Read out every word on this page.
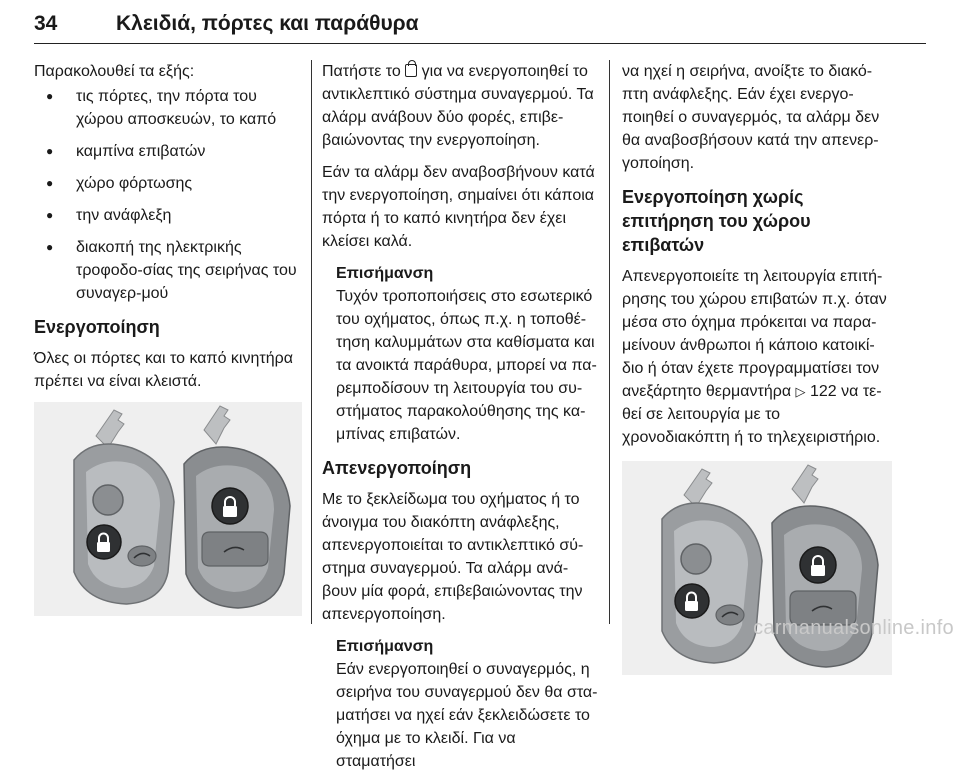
34	Κλειδιά, πόρτες και παράθυρα

Παρακολουθεί τα εξής:

● τις πόρτες, την πόρτα του χώρου αποσκευών, το καπό
● καμπίνα επιβατών
● χώρο φόρτωσης
● την ανάφλεξη
● διακοπή της ηλεκτρικής τροφοδο-σίας της σειρήνας του συναγερ-μού
Ενεργοποίηση

Όλες οι πόρτες και το καπό κινητήρα πρέπει να είναι κλειστά.

Πατήστε το  για να ενεργοποιηθεί το αντικλεπτικό σύστημα συναγερμού. Τα αλάρμ ανάβουν δύο φορές, επιβε-βαιώνοντας την ενεργοποίηση.

Εάν τα αλάρμ δεν αναβοσβήνουν κατά την ενεργοποίηση, σημαίνει ότι κάποια πόρτα ή το καπό κινητήρα δεν έχει κλείσει καλά.

Επισήμανση
Τυχόν τροποποιήσεις στο εσωτερικό του οχήματος, όπως π.χ. η τοποθέ-τηση καλυμμάτων στα καθίσματα και τα ανοικτά παράθυρα, μπορεί να πα-ρεμποδίσουν τη λειτουργία του συ-στήματος παρακολούθησης της κα-μπίνας επιβατών.
Απενεργοποίηση

Με το ξεκλείδωμα του οχήματος ή το άνοιγμα του διακόπτη ανάφλεξης, απενεργοποιείται το αντικλεπτικό σύ-στημα συναγερμού. Τα αλάρμ ανά-βουν μία φορά, επιβεβαιώνοντας την απενεργοποίηση.

Επισήμανση
Εάν ενεργοποιηθεί ο συναγερμός, η σειρήνα του συναγερμού δεν θα στα-ματήσει να ηχεί εάν ξεκλειδώσετε το όχημα με το κλειδί. Για να σταματήσει

να ηχεί η σειρήνα, ανοίξτε το διακό-πτη ανάφλεξης. Εάν έχει ενεργο-ποιηθεί ο συναγερμός, τα αλάρμ δεν θα αναβοσβήσουν κατά την απενερ-γοποίηση.

Ενεργοποίηση χωρίς επιτήρηση του χώρου επιβατών

Απενεργοποιείτε τη λειτουργία επιτή-ρησης του χώρου επιβατών π.χ. όταν μέσα στο όχημα πρόκειται να παρα-μείνουν άνθρωποι ή κάποιο κατοικί-διο ή όταν έχετε προγραμματίσει τον ανεξάρτητο θερμαντήρα ▷ 122 να τε-θεί σε λειτουργία με το χρονοδιακόπτη ή το τηλεχειριστήριο.

carmanualsonline.info
